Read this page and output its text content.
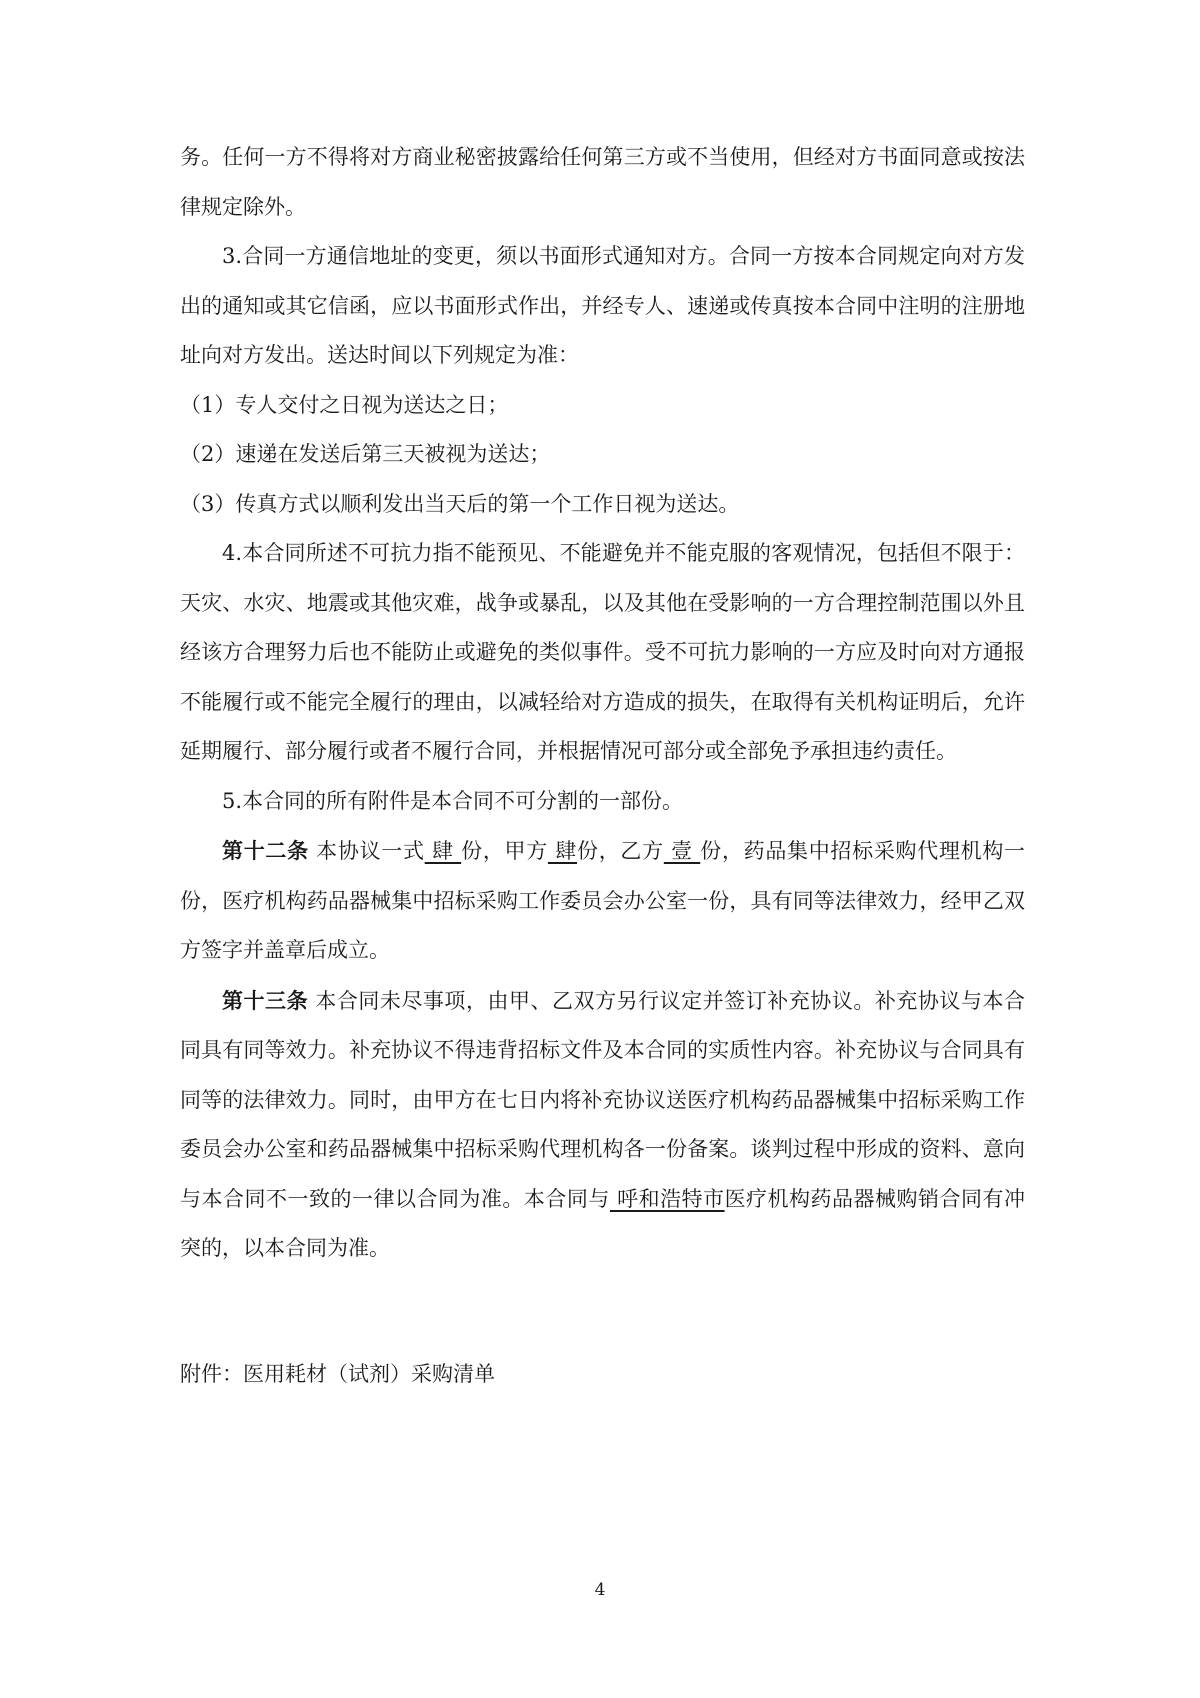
务。任何一方不得将对方商业秘密披露给任何第三方或不当使用，但经对方书面同意或按法律规定除外。

3.合同一方通信地址的变更，须以书面形式通知对方。合同一方按本合同规定向对方发出的通知或其它信函，应以书面形式作出，并经专人、速递或传真按本合同中注明的注册地址向对方发出。送达时间以下列规定为准：

（1）专人交付之日视为送达之日；

（2）速递在发送后第三天被视为送达；

（3）传真方式以顺利发出当天后的第一个工作日视为送达。

4.本合同所述不可抗力指不能预见、不能避免并不能克服的客观情况，包括但不限于：天灾、水灾、地震或其他灾难，战争或暴乱，以及其他在受影响的一方合理控制范围以外且经该方合理努力后也不能防止或避免的类似事件。受不可抗力影响的一方应及时向对方通报不能履行或不能完全履行的理由，以减轻给对方造成的损失，在取得有关机构证明后，允许延期履行、部分履行或者不履行合同，并根据情况可部分或全部免予承担违约责任。

5.本合同的所有附件是本合同不可分割的一部份。

第十二条 本协议一式 肆 份，甲方 肆份，乙方 壹 份，药品集中招标采购代理机构一份，医疗机构药品器械集中招标采购工作委员会办公室一份，具有同等法律效力，经甲乙双方签字并盖章后成立。

第十三条 本合同未尽事项，由甲、乙双方另行议定并签订补充协议。补充协议与本合同具有同等效力。补充协议不得违背招标文件及本合同的实质性内容。补充协议与合同具有同等的法律效力。同时，由甲方在七日内将补充协议送医疗机构药品器械集中招标采购工作委员会办公室和药品器械集中招标采购代理机构各一份备案。谈判过程中形成的资料、意向与本合同不一致的一律以合同为准。本合同与 呼和浩特市医疗机构药品器械购销合同有冲突的，以本合同为准。

附件：医用耗材（试剂）采购清单

4
